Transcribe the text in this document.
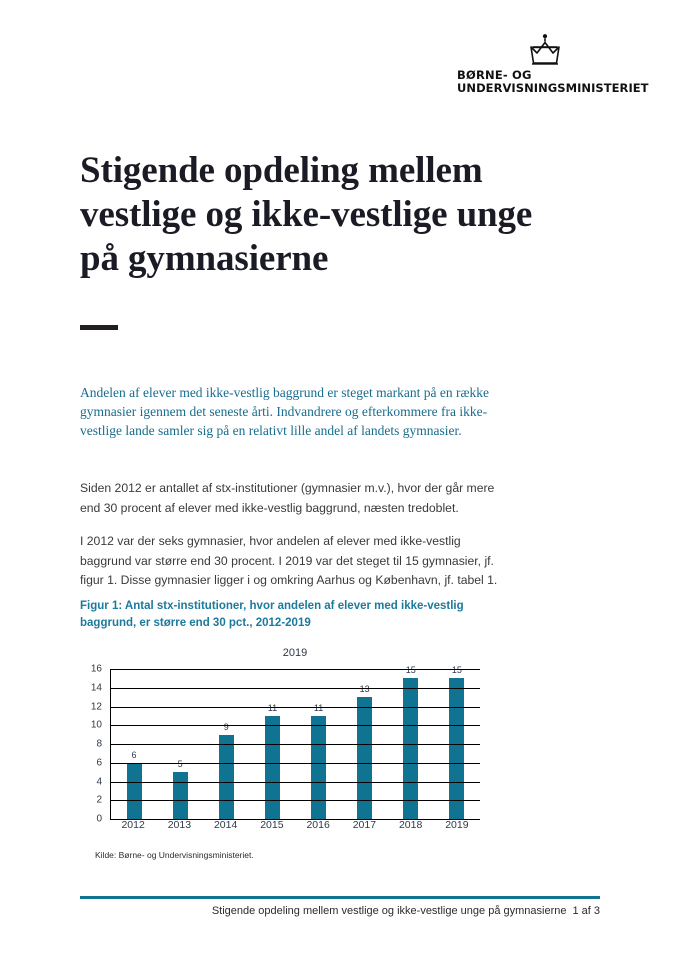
BØRNE- OG
UNDERVISNINGSMINISTERIET
Stigende opdeling mellem
vestlige og ikke-vestlige unge
på gymnasierne

Andelen af elever med ikke-vestlig baggrund er steget markant på en række gymnasier igennem det seneste årti. Indvandrere og efterkommere fra ikke-vestlige lande samler sig på en relativt lille andel af landets gymnasier.

Siden 2012 er antallet af stx-institutioner (gymnasier m.v.), hvor der går mere end 30 procent af elever med ikke-vestlig baggrund, næsten tredoblet.

I 2012 var der seks gymnasier, hvor andelen af elever med ikke-vestlig baggrund var større end 30 procent. I 2019 var det steget til 15 gymnasier, jf. figur 1. Disse gymnasier ligger i og omkring Aarhus og København, jf. tabel 1.

Figur 1: Antal stx-institutioner, hvor andelen af elever med ikke-vestlig baggrund, er større end 30 pct., 2012-2019
2019
0
2
4
6
8
10
12
14
16
6
5
9
11	11
13
15	15
2012	2013	2014	2015	2016	2017	2018	2019
Kilde: Børne- og Undervisningsministeriet.
Stigende opdeling mellem vestlige og ikke-vestlige unge på gymnasierne 1 af 3
